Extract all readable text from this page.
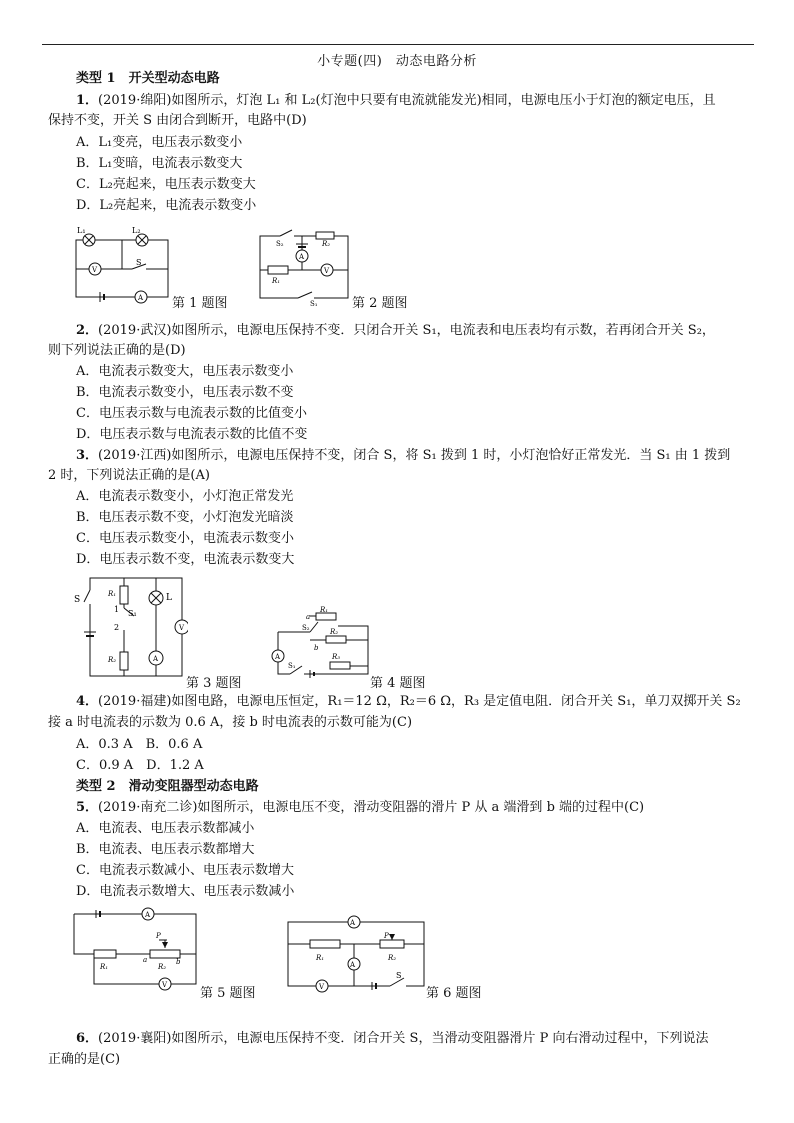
小专题(四)　动态电路分析
类型 1　开关型动态电路
1．(2019·绵阳)如图所示，灯泡 L₁ 和 L₂(灯泡中只要有电流就能发光)相同，电源电压小于灯泡的额定电压，且
保持不变，开关 S 由闭合到断开，电路中(D)
A．L₁变亮，电压表示数变小
B．L₁变暗，电流表示数变大
C．L₂亮起来，电压表示数变大
D．L₂亮起来，电流表示数变小
L₁	L₂
S
V
A 第 1 题图
S₂	R₂
R₁
A
V
S₁	第 2 题图
2．(2019·武汉)如图所示，电源电压保持不变．只闭合开关 S₁，电流表和电压表均有示数，若再闭合开关 S₂，
则下列说法正确的是(D)
A．电流表示数变大，电压表示数变小
B．电流表示数变小，电压表示数不变
C．电压表示数与电流表示数的比值变小
D．电压表示数与电流表示数的比值不变
3．(2019·江西)如图所示，电源电压保持不变，闭合 S，将 S₁ 拨到 1 时，小灯泡恰好正常发光．当 S₁ 由 1 拨到
2 时，下列说法正确的是(A)
A．电流表示数变小，小灯泡正常发光
B．电压表示数不变，小灯泡发光暗淡
C．电压表示数变小，电流表示数变小
D．电压表示数不变，电流表示数变大
S
R₁
S₁
1
2
R₂
L
A
V
第 3 题图
a
R₁
S₂
b
R₂
R₃
S₁
A
第 4 题图
4．(2019·福建)如图电路，电源电压恒定，R₁＝12 Ω，R₂＝6 Ω，R₃ 是定值电阻．闭合开关 S₁，单刀双掷开关 S₂
接 a 时电流表的示数为 0.6 A，接 b 时电流表的示数可能为(C)
A．0.3 A　B．0.6 A
C．0.9 A　D．1.2 A
类型 2　滑动变阻器型动态电路
5．(2019·南充二诊)如图所示，电源电压不变，滑动变阻器的滑片 P 从 a 端滑到 b 端的过程中(C)
A．电流表、电压表示数都减小
B．电流表、电压表示数都增大
C．电流表示数减小、电压表示数增大
D．电流表示数增大、电压表示数减小
A
R₁
P
a	b
R₂
V
第 5 题图
A
R₁
P
R₂
A
V
S
第 6 题图
6．(2019·襄阳)如图所示，电源电压保持不变．闭合开关 S，当滑动变阻器滑片 P 向右滑动过程中，下列说法
正确的是(C)
